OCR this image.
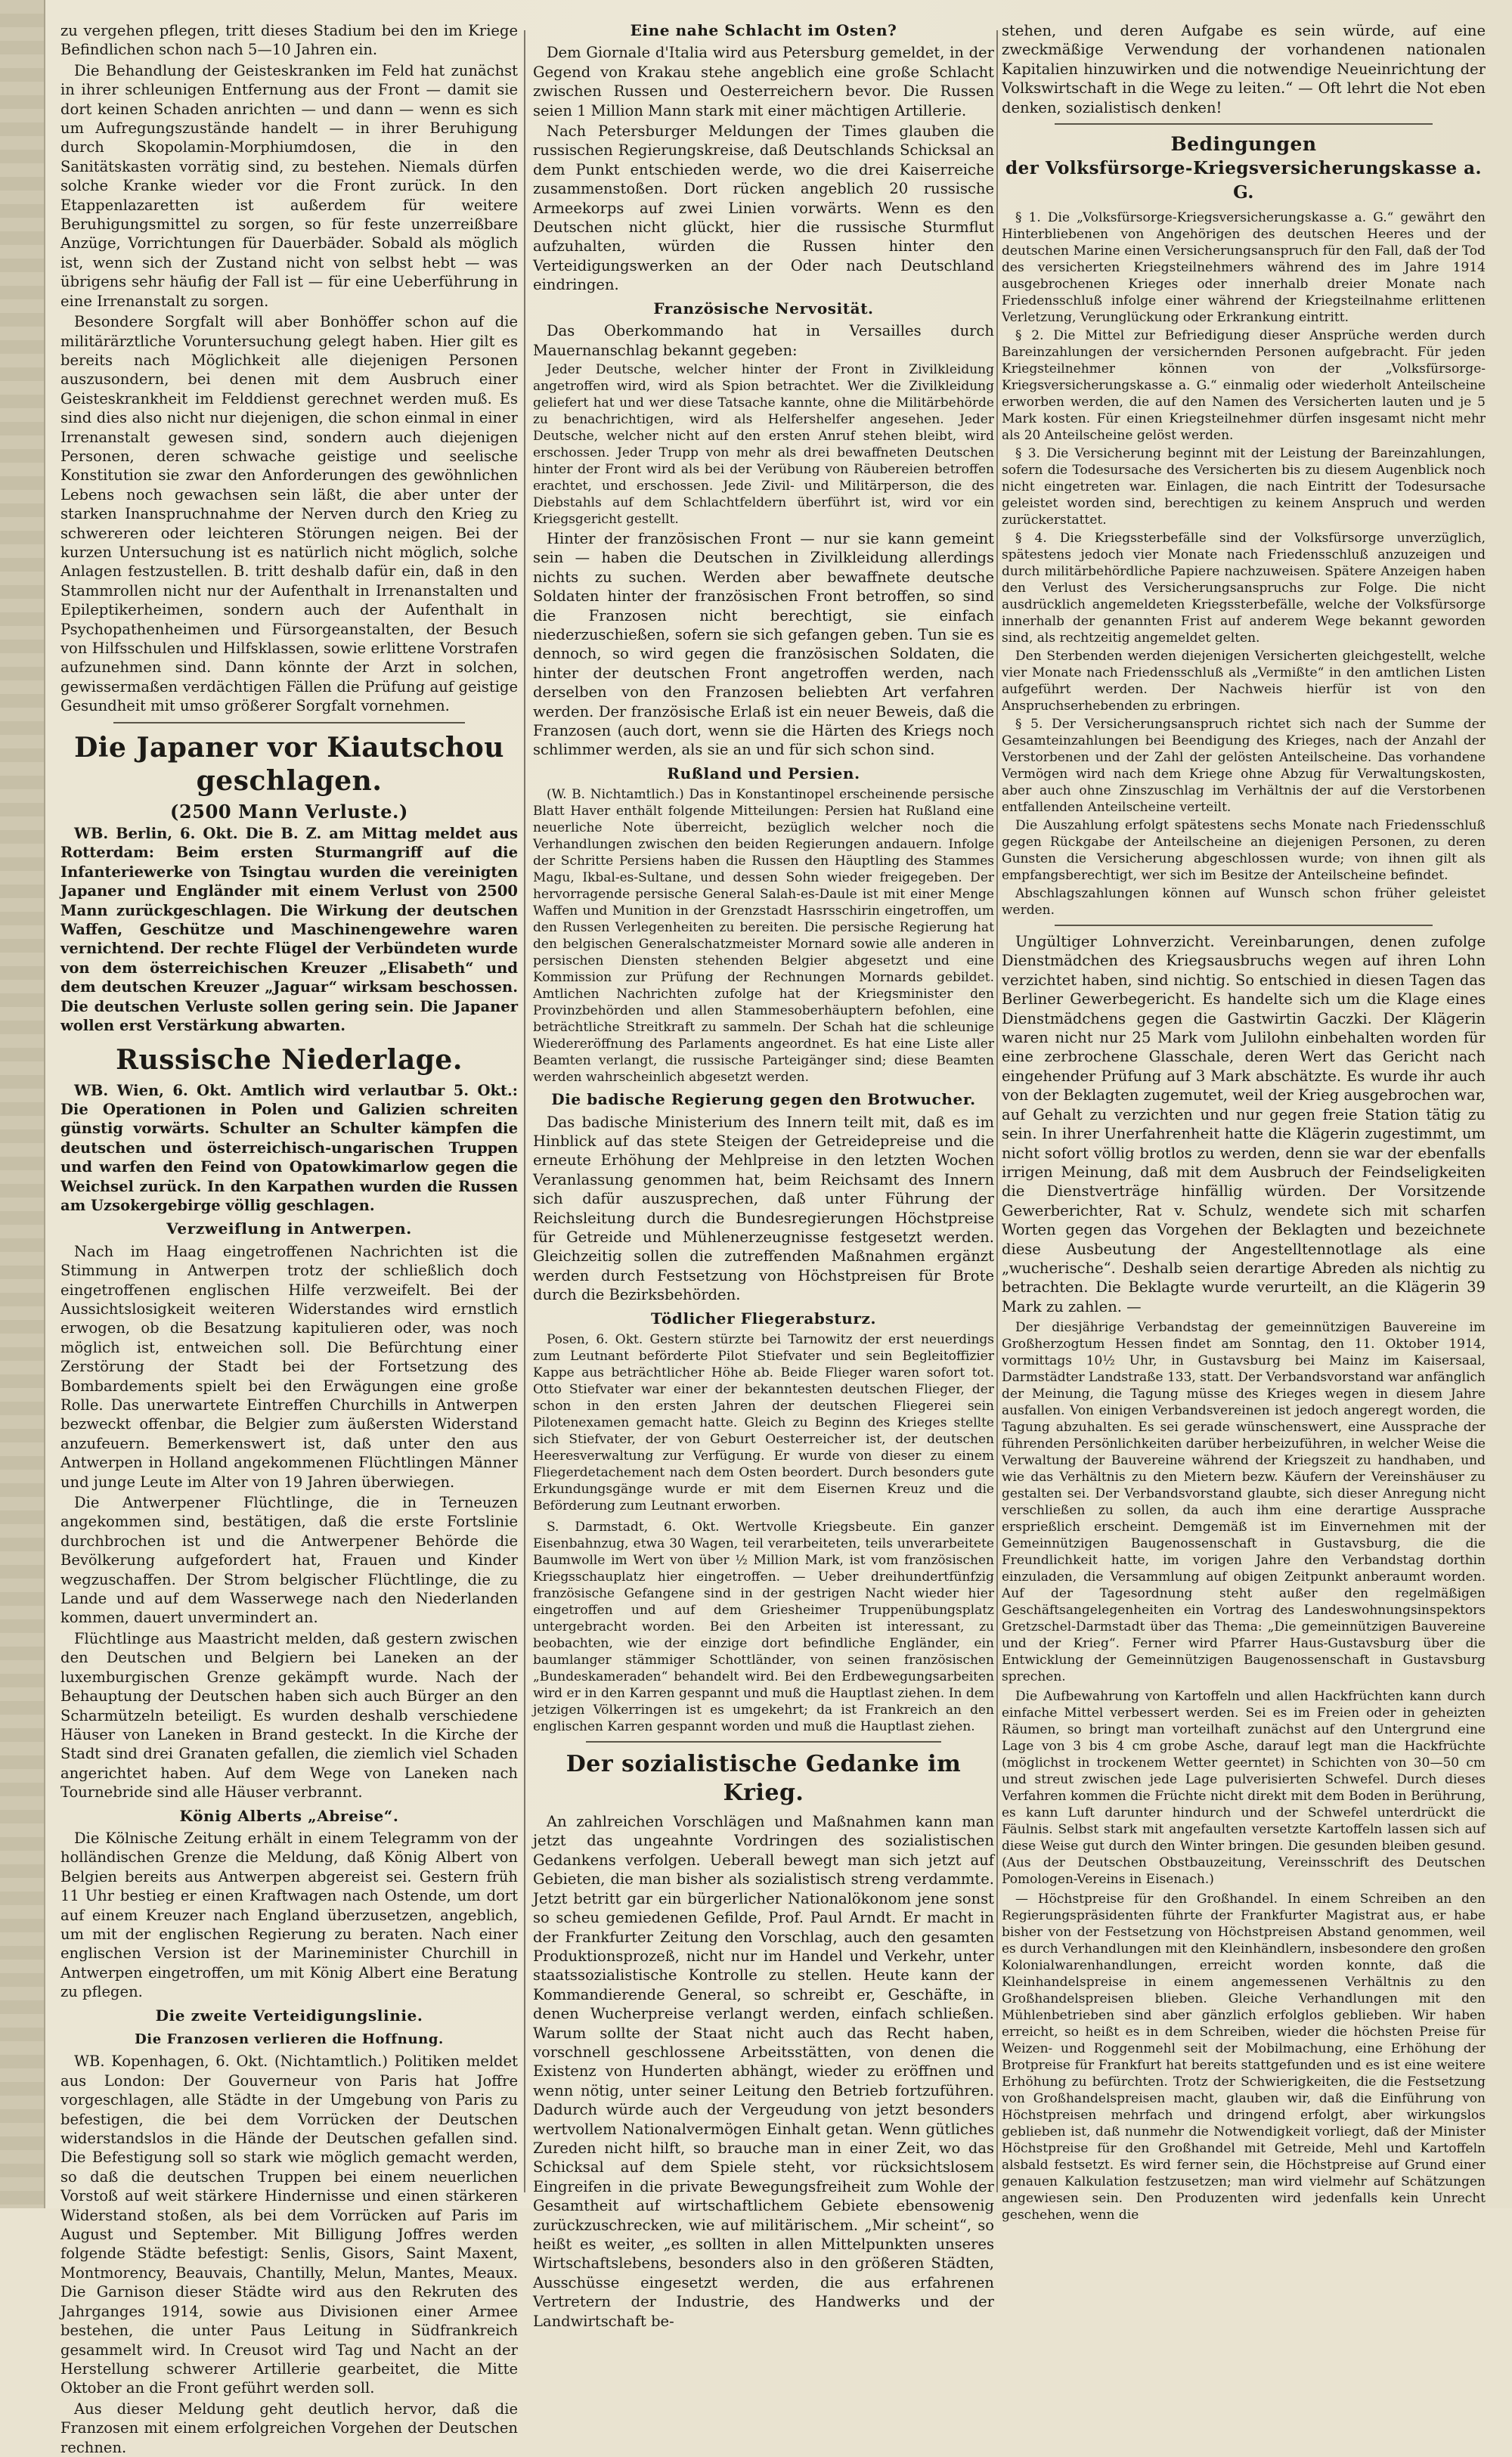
zu vergehen pflegen, tritt dieses Stadium bei den im Kriege Befindlichen schon nach 5—10 Jahren ein.

Die Behandlung der Geisteskranken im Feld hat zunächst in ihrer schleunigen Entfernung aus der Front — damit sie dort keinen Schaden anrichten — und dann — wenn es sich um Aufregungszustände handelt — in ihrer Beruhigung durch Skopolamin-Morphiumdosen, die in den Sanitätskasten vorrätig sind, zu bestehen. Niemals dürfen solche Kranke wieder vor die Front zurück. In den Etappenlazaretten ist außerdem für weitere Beruhigungsmittel zu sorgen, so für feste unzerreißbare Anzüge, Vorrichtungen für Dauerbäder. Sobald als möglich ist, wenn sich der Zustand nicht von selbst hebt — was übrigens sehr häufig der Fall ist — für eine Ueberführung in eine Irrenanstalt zu sorgen.

Besondere Sorgfalt will aber Bonhöffer schon auf die militärärztliche Voruntersuchung gelegt haben. Hier gilt es bereits nach Möglichkeit alle diejenigen Personen auszusondern, bei denen mit dem Ausbruch einer Geisteskrankheit im Felddienst gerechnet werden muß. Es sind dies also nicht nur diejenigen, die schon einmal in einer Irrenanstalt gewesen sind, sondern auch diejenigen Personen, deren schwache geistige und seelische Konstitution sie zwar den Anforderungen des gewöhnlichen Lebens noch gewachsen sein läßt, die aber unter der starken Inanspruchnahme der Nerven durch den Krieg zu schwereren oder leichteren Störungen neigen. Bei der kurzen Untersuchung ist es natürlich nicht möglich, solche Anlagen festzustellen. B. tritt deshalb dafür ein, daß in den Stammrollen nicht nur der Aufenthalt in Irrenanstalten und Epileptikerheimen, sondern auch der Aufenthalt in Psychopathenheimen und Fürsorgeanstalten, der Besuch von Hilfsschulen und Hilfsklassen, sowie erlittene Vorstrafen aufzunehmen sind. Dann könnte der Arzt in solchen, gewissermaßen verdächtigen Fällen die Prüfung auf geistige Gesundheit mit umso größerer Sorgfalt vornehmen.

Die Japaner vor Kiautschou geschlagen.
(2500 Mann Verluste.)

WB. Berlin, 6. Okt. Die B. Z. am Mittag meldet aus Rotterdam: Beim ersten Sturmangriff auf die Infanteriewerke von Tsingtau wurden die vereinigten Japaner und Engländer mit einem Verlust von 2500 Mann zurückgeschlagen. Die Wirkung der deutschen Waffen, Geschütze und Maschinengewehre waren vernichtend. Der rechte Flügel der Verbündeten wurde von dem österreichischen Kreuzer „Elisabeth“ und dem deutschen Kreuzer „Jaguar“ wirksam beschossen. Die deutschen Verluste sollen gering sein. Die Japaner wollen erst Verstärkung abwarten.

Russische Niederlage.

WB. Wien, 6. Okt. Amtlich wird verlautbar 5. Okt.: Die Operationen in Polen und Galizien schreiten günstig vorwärts. Schulter an Schulter kämpfen die deutschen und österreichisch-ungarischen Truppen und warfen den Feind von Opatowkimarlow gegen die Weichsel zurück. In den Karpathen wurden die Russen am Uzsokergebirge völlig geschlagen.

Verzweiflung in Antwerpen.

Nach im Haag eingetroffenen Nachrichten ist die Stimmung in Antwerpen trotz der schließlich doch eingetroffenen englischen Hilfe verzweifelt. Bei der Aussichtslosigkeit weiteren Widerstandes wird ernstlich erwogen, ob die Besatzung kapitulieren oder, was noch möglich ist, entweichen soll. Die Befürchtung einer Zerstörung der Stadt bei der Fortsetzung des Bombardements spielt bei den Erwägungen eine große Rolle. Das unerwartete Eintreffen Churchills in Antwerpen bezweckt offenbar, die Belgier zum äußersten Widerstand anzufeuern. Bemerkenswert ist, daß unter den aus Antwerpen in Holland angekommenen Flüchtlingen Männer und junge Leute im Alter von 19 Jahren überwiegen.

Die Antwerpener Flüchtlinge, die in Terneuzen angekommen sind, bestätigen, daß die erste Fortslinie durchbrochen ist und die Antwerpener Behörde die Bevölkerung aufgefordert hat, Frauen und Kinder wegzuschaffen. Der Strom belgischer Flüchtlinge, die zu Lande und auf dem Wasserwege nach den Niederlanden kommen, dauert unvermindert an.

Flüchtlinge aus Maastricht melden, daß gestern zwischen den Deutschen und Belgiern bei Laneken an der luxemburgischen Grenze gekämpft wurde. Nach der Behauptung der Deutschen haben sich auch Bürger an den Scharmützeln beteiligt. Es wurden deshalb verschiedene Häuser von Laneken in Brand gesteckt. In die Kirche der Stadt sind drei Granaten gefallen, die ziemlich viel Schaden angerichtet haben. Auf dem Wege von Laneken nach Tournebride sind alle Häuser verbrannt.

König Alberts „Abreise“.

Die Kölnische Zeitung erhält in einem Telegramm von der holländischen Grenze die Meldung, daß König Albert von Belgien bereits aus Antwerpen abgereist sei. Gestern früh 11 Uhr bestieg er einen Kraftwagen nach Ostende, um dort auf einem Kreuzer nach England überzusetzen, angeblich, um mit der englischen Regierung zu beraten. Nach einer englischen Version ist der Marineminister Churchill in Antwerpen eingetroffen, um mit König Albert eine Beratung zu pflegen.

Die zweite Verteidigungslinie.
Die Franzosen verlieren die Hoffnung.

WB. Kopenhagen, 6. Okt. (Nichtamtlich.) Politiken meldet aus London: Der Gouverneur von Paris hat Joffre vorgeschlagen, alle Städte in der Umgebung von Paris zu befestigen, die bei dem Vorrücken der Deutschen widerstandslos in die Hände der Deutschen gefallen sind. Die Befestigung soll so stark wie möglich gemacht werden, so daß die deutschen Truppen bei einem neuerlichen Vorstoß auf weit stärkere Hindernisse und einen stärkeren Widerstand stoßen, als bei dem Vorrücken auf Paris im August und September. Mit Billigung Joffres werden folgende Städte befestigt: Senlis, Gisors, Saint Maxent, Montmorency, Beauvais, Chantilly, Melun, Mantes, Meaux. Die Garnison dieser Städte wird aus den Rekruten des Jahrganges 1914, sowie aus Divisionen einer Armee bestehen, die unter Paus Leitung in Südfrankreich gesammelt wird. In Creusot wird Tag und Nacht an der Herstellung schwerer Artillerie gearbeitet, die Mitte Oktober an die Front geführt werden soll.

Aus dieser Meldung geht deutlich hervor, daß die Franzosen mit einem erfolgreichen Vorgehen der Deutschen rechnen.

Eine nahe Schlacht im Osten?

Dem Giornale d'Italia wird aus Petersburg gemeldet, in der Gegend von Krakau stehe angeblich eine große Schlacht zwischen Russen und Oesterreichern bevor. Die Russen seien 1 Million Mann stark mit einer mächtigen Artillerie.

Nach Petersburger Meldungen der Times glauben die russischen Regierungskreise, daß Deutschlands Schicksal an dem Punkt entschieden werde, wo die drei Kaiserreiche zusammenstoßen. Dort rücken angeblich 20 russische Armeekorps auf zwei Linien vorwärts. Wenn es den Deutschen nicht glückt, hier die russische Sturmflut aufzuhalten, würden die Russen hinter den Verteidigungswerken an der Oder nach Deutschland eindringen.

Französische Nervosität.

Das Oberkommando hat in Versailles durch Mauernanschlag bekannt gegeben:

Jeder Deutsche, welcher hinter der Front in Zivilkleidung angetroffen wird, wird als Spion betrachtet. Wer die Zivilkleidung geliefert hat und wer diese Tatsache kannte, ohne die Militärbehörde zu benachrichtigen, wird als Helfershelfer angesehen. Jeder Deutsche, welcher nicht auf den ersten Anruf stehen bleibt, wird erschossen. Jeder Trupp von mehr als drei bewaffneten Deutschen hinter der Front wird als bei der Verübung von Räubereien betroffen erachtet, und erschossen. Jede Zivil- und Militärperson, die des Diebstahls auf dem Schlachtfeldern überführt ist, wird vor ein Kriegsgericht gestellt.

Hinter der französischen Front — nur sie kann gemeint sein — haben die Deutschen in Zivilkleidung allerdings nichts zu suchen. Werden aber bewaffnete deutsche Soldaten hinter der französischen Front betroffen, so sind die Franzosen nicht berechtigt, sie einfach niederzuschießen, sofern sie sich gefangen geben. Tun sie es dennoch, so wird gegen die französischen Soldaten, die hinter der deutschen Front angetroffen werden, nach derselben von den Franzosen beliebten Art verfahren werden. Der französische Erlaß ist ein neuer Beweis, daß die Franzosen (auch dort, wenn sie die Härten des Kriegs noch schlimmer werden, als sie an und für sich schon sind.

Rußland und Persien.

(W. B. Nichtamtlich.) Das in Konstantinopel erscheinende persische Blatt Haver enthält folgende Mitteilungen: Persien hat Rußland eine neuerliche Note überreicht, bezüglich welcher noch die Verhandlungen zwischen den beiden Regierungen andauern. Infolge der Schritte Persiens haben die Russen den Häuptling des Stammes Magu, Ikbal-es-Sultane, und dessen Sohn wieder freigegeben. Der hervorragende persische General Salah-es-Daule ist mit einer Menge Waffen und Munition in der Grenzstadt Hasrsschirin eingetroffen, um den Russen Verlegenheiten zu bereiten. Die persische Regierung hat den belgischen Generalschatzmeister Mornard sowie alle anderen in persischen Diensten stehenden Belgier abgesetzt und eine Kommission zur Prüfung der Rechnungen Mornards gebildet. Amtlichen Nachrichten zufolge hat der Kriegsminister den Provinzbehörden und allen Stammesoberhäuptern befohlen, eine beträchtliche Streitkraft zu sammeln. Der Schah hat die schleunige Wiedereröffnung des Parlaments angeordnet. Es hat eine Liste aller Beamten verlangt, die russische Parteigänger sind; diese Beamten werden wahrscheinlich abgesetzt werden.

Die badische Regierung gegen den Brotwucher.

Das badische Ministerium des Innern teilt mit, daß es im Hinblick auf das stete Steigen der Getreidepreise und die erneute Erhöhung der Mehlpreise in den letzten Wochen Veranlassung genommen hat, beim Reichsamt des Innern sich dafür auszusprechen, daß unter Führung der Reichsleitung durch die Bundesregierungen Höchstpreise für Getreide und Mühlenerzeugnisse festgesetzt werden. Gleichzeitig sollen die zutreffenden Maßnahmen ergänzt werden durch Festsetzung von Höchstpreisen für Brote durch die Bezirksbehörden.

Tödlicher Fliegerabsturz.

Posen, 6. Okt. Gestern stürzte bei Tarnowitz der erst neuerdings zum Leutnant beförderte Pilot Stiefvater und sein Begleitoffizier Kappe aus beträchtlicher Höhe ab. Beide Flieger waren sofort tot. Otto Stiefvater war einer der bekanntesten deutschen Flieger, der schon in den ersten Jahren der deutschen Fliegerei sein Pilotenexamen gemacht hatte. Gleich zu Beginn des Krieges stellte sich Stiefvater, der von Geburt Oesterreicher ist, der deutschen Heeresverwaltung zur Verfügung. Er wurde von dieser zu einem Fliegerdetachement nach dem Osten beordert. Durch besonders gute Erkundungsgänge wurde er mit dem Eisernen Kreuz und die Beförderung zum Leutnant erworben.

S. Darmstadt, 6. Okt. Wertvolle Kriegsbeute. Ein ganzer Eisenbahnzug, etwa 30 Wagen, teil verarbeiteten, teils unverarbeitete Baumwolle im Wert von über ½ Million Mark, ist vom französischen Kriegsschauplatz hier eingetroffen. — Ueber dreihundertfünfzig französische Gefangene sind in der gestrigen Nacht wieder hier eingetroffen und auf dem Griesheimer Truppenübungsplatz untergebracht worden. Bei den Arbeiten ist interessant, zu beobachten, wie der einzige dort befindliche Engländer, ein baumlanger stämmiger Schottländer, von seinen französischen „Bundeskameraden“ behandelt wird. Bei den Erdbewegungsarbeiten wird er in den Karren gespannt und muß die Hauptlast ziehen. In dem jetzigen Völkerringen ist es umgekehrt; da ist Frankreich an den englischen Karren gespannt worden und muß die Hauptlast ziehen.

Der sozialistische Gedanke im Krieg.

An zahlreichen Vorschlägen und Maßnahmen kann man jetzt das ungeahnte Vordringen des sozialistischen Gedankens verfolgen. Ueberall bewegt man sich jetzt auf Gebieten, die man bisher als sozialistisch streng verdammte. Jetzt betritt gar ein bürgerlicher Nationalökonom jene sonst so scheu gemiedenen Gefilde, Prof. Paul Arndt. Er macht in der Frankfurter Zeitung den Vorschlag, auch den gesamten Produktionsprozeß, nicht nur im Handel und Verkehr, unter staatssozialistische Kontrolle zu stellen. Heute kann der Kommandierende General, so schreibt er, Geschäfte, in denen Wucherpreise verlangt werden, einfach schließen. Warum sollte der Staat nicht auch das Recht haben, vorschnell geschlossene Arbeitsstätten, von denen die Existenz von Hunderten abhängt, wieder zu eröffnen und wenn nötig, unter seiner Leitung den Betrieb fortzuführen. Dadurch würde auch der Vergeudung von jetzt besonders wertvollem Nationalvermögen Einhalt getan. Wenn gütliches Zureden nicht hilft, so brauche man in einer Zeit, wo das Schicksal auf dem Spiele steht, vor rücksichtslosem Eingreifen in die private Bewegungsfreiheit zum Wohle der Gesamtheit auf wirtschaftlichem Gebiete ebensowenig zurückzuschrecken, wie auf militärischem. „Mir scheint“, so heißt es weiter, „es sollten in allen Mittelpunkten unseres Wirtschaftslebens, besonders also in den größeren Städten, Ausschüsse eingesetzt werden, die aus erfahrenen Vertretern der Industrie, des Handwerks und der Landwirtschaft be-

stehen, und deren Aufgabe es sein würde, auf eine zweckmäßige Verwendung der vorhandenen nationalen Kapitalien hinzuwirken und die notwendige Neueinrichtung der Volkswirtschaft in die Wege zu leiten.“ — Oft lehrt die Not eben denken, sozialistisch denken!

Bedingungen
der Volksfürsorge-Kriegsversicherungskasse a. G.

§ 1. Die „Volksfürsorge-Kriegsversicherungskasse a. G.“ gewährt den Hinterbliebenen von Angehörigen des deutschen Heeres und der deutschen Marine einen Versicherungsanspruch für den Fall, daß der Tod des versicherten Kriegsteilnehmers während des im Jahre 1914 ausgebrochenen Krieges oder innerhalb dreier Monate nach Friedensschluß infolge einer während der Kriegsteilnahme erlittenen Verletzung, Verunglückung oder Erkrankung eintritt.

§ 2. Die Mittel zur Befriedigung dieser Ansprüche werden durch Bareinzahlungen der versichernden Personen aufgebracht. Für jeden Kriegsteilnehmer können von der „Volksfürsorge-Kriegsversicherungskasse a. G.“ einmalig oder wiederholt Anteilscheine erworben werden, die auf den Namen des Versicherten lauten und je 5 Mark kosten. Für einen Kriegsteilnehmer dürfen insgesamt nicht mehr als 20 Anteilscheine gelöst werden.

§ 3. Die Versicherung beginnt mit der Leistung der Bareinzahlungen, sofern die Todesursache des Versicherten bis zu diesem Augenblick noch nicht eingetreten war. Einlagen, die nach Eintritt der Todesursache geleistet worden sind, berechtigen zu keinem Anspruch und werden zurückerstattet.

§ 4. Die Kriegssterbefälle sind der Volksfürsorge unverzüglich, spätestens jedoch vier Monate nach Friedensschluß anzuzeigen und durch militärbehördliche Papiere nachzuweisen. Spätere Anzeigen haben den Verlust des Versicherungsanspruchs zur Folge. Die nicht ausdrücklich angemeldeten Kriegssterbefälle, welche der Volksfürsorge innerhalb der genannten Frist auf anderem Wege bekannt geworden sind, als rechtzeitig angemeldet gelten.

Den Sterbenden werden diejenigen Versicherten gleichgestellt, welche vier Monate nach Friedensschluß als „Vermißte“ in den amtlichen Listen aufgeführt werden. Der Nachweis hierfür ist von den Anspruchserhebenden zu erbringen.

§ 5. Der Versicherungsanspruch richtet sich nach der Summe der Gesamteinzahlungen bei Beendigung des Krieges, nach der Anzahl der Verstorbenen und der Zahl der gelösten Anteilscheine. Das vorhandene Vermögen wird nach dem Kriege ohne Abzug für Verwaltungskosten, aber auch ohne Zinszuschlag im Verhältnis der auf die Verstorbenen entfallenden Anteilscheine verteilt.

Die Auszahlung erfolgt spätestens sechs Monate nach Friedensschluß gegen Rückgabe der Anteilscheine an diejenigen Personen, zu deren Gunsten die Versicherung abgeschlossen wurde; von ihnen gilt als empfangsberechtigt, wer sich im Besitze der Anteilscheine befindet.

Abschlagszahlungen können auf Wunsch schon früher geleistet werden.

Ungültiger Lohnverzicht. Vereinbarungen, denen zufolge Dienstmädchen des Kriegsausbruchs wegen auf ihren Lohn verzichtet haben, sind nichtig. So entschied in diesen Tagen das Berliner Gewerbegericht. Es handelte sich um die Klage eines Dienstmädchens gegen die Gastwirtin Gaczki. Der Klägerin waren nicht nur 25 Mark vom Julilohn einbehalten worden für eine zerbrochene Glasschale, deren Wert das Gericht nach eingehender Prüfung auf 3 Mark abschätzte. Es wurde ihr auch von der Beklagten zugemutet, weil der Krieg ausgebrochen war, auf Gehalt zu verzichten und nur gegen freie Station tätig zu sein. In ihrer Unerfahrenheit hatte die Klägerin zugestimmt, um nicht sofort völlig brotlos zu werden, denn sie war der ebenfalls irrigen Meinung, daß mit dem Ausbruch der Feindseligkeiten die Dienstverträge hinfällig würden. Der Vorsitzende Gewerberichter, Rat v. Schulz, wendete sich mit scharfen Worten gegen das Vorgehen der Beklagten und bezeichnete diese Ausbeutung der Angestelltennotlage als eine „wucherische“. Deshalb seien derartige Abreden als nichtig zu betrachten. Die Beklagte wurde verurteilt, an die Klägerin 39 Mark zu zahlen. —

Der diesjährige Verbandstag der gemeinnützigen Bauvereine im Großherzogtum Hessen findet am Sonntag, den 11. Oktober 1914, vormittags 10½ Uhr, in Gustavsburg bei Mainz im Kaisersaal, Darmstädter Landstraße 133, statt. Der Verbandsvorstand war anfänglich der Meinung, die Tagung müsse des Krieges wegen in diesem Jahre ausfallen. Von einigen Verbandsvereinen ist jedoch angeregt worden, die Tagung abzuhalten. Es sei gerade wünschenswert, eine Aussprache der führenden Persönlichkeiten darüber herbeizuführen, in welcher Weise die Verwaltung der Bauvereine während der Kriegszeit zu handhaben, und wie das Verhältnis zu den Mietern bezw. Käufern der Vereinshäuser zu gestalten sei. Der Verbandsvorstand glaubte, sich dieser Anregung nicht verschließen zu sollen, da auch ihm eine derartige Aussprache ersprießlich erscheint. Demgemäß ist im Einvernehmen mit der Gemeinnützigen Baugenossenschaft in Gustavsburg, die die Freundlichkeit hatte, im vorigen Jahre den Verbandstag dorthin einzuladen, die Versammlung auf obigen Zeitpunkt anberaumt worden. Auf der Tagesordnung steht außer den regelmäßigen Geschäftsangelegenheiten ein Vortrag des Landeswohnungsinspektors Gretzschel-Darmstadt über das Thema: „Die gemeinnützigen Bauvereine und der Krieg“. Ferner wird Pfarrer Haus-Gustavsburg über die Entwicklung der Gemeinnützigen Baugenossenschaft in Gustavsburg sprechen.

Die Aufbewahrung von Kartoffeln und allen Hackfrüchten kann durch einfache Mittel verbessert werden. Sei es im Freien oder in geheizten Räumen, so bringt man vorteilhaft zunächst auf den Untergrund eine Lage von 3 bis 4 cm grobe Asche, darauf legt man die Hackfrüchte (möglichst in trockenem Wetter geerntet) in Schichten von 30—50 cm und streut zwischen jede Lage pulverisierten Schwefel. Durch dieses Verfahren kommen die Früchte nicht direkt mit dem Boden in Berührung, es kann Luft darunter hindurch und der Schwefel unterdrückt die Fäulnis. Selbst stark mit angefaulten versetzte Kartoffeln lassen sich auf diese Weise gut durch den Winter bringen. Die gesunden bleiben gesund. (Aus der Deutschen Obstbauzeitung, Vereinsschrift des Deutschen Pomologen-Vereins in Eisenach.)

— Höchstpreise für den Großhandel. In einem Schreiben an den Regierungspräsidenten führte der Frankfurter Magistrat aus, er habe bisher von der Festsetzung von Höchstpreisen Abstand genommen, weil es durch Verhandlungen mit den Kleinhändlern, insbesondere den großen Kolonialwarenhandlungen, erreicht worden konnte, daß die Kleinhandelspreise in einem angemessenen Verhältnis zu den Großhandelspreisen blieben. Gleiche Verhandlungen mit den Mühlenbetrieben sind aber gänzlich erfolglos geblieben. Wir haben erreicht, so heißt es in dem Schreiben, wieder die höchsten Preise für Weizen- und Roggenmehl seit der Mobilmachung, eine Erhöhung der Brotpreise für Frankfurt hat bereits stattgefunden und es ist eine weitere Erhöhung zu befürchten. Trotz der Schwierigkeiten, die die Festsetzung von Großhandelspreisen macht, glauben wir, daß die Einführung von Höchstpreisen mehrfach und dringend erfolgt, aber wirkungslos geblieben ist, daß nunmehr die Notwendigkeit vorliegt, daß der Minister Höchstpreise für den Großhandel mit Getreide, Mehl und Kartoffeln alsbald festsetzt. Es wird ferner sein, die Höchstpreise auf Grund einer genauen Kalkulation festzusetzen; man wird vielmehr auf Schätzungen angewiesen sein. Den Produzenten wird jedenfalls kein Unrecht geschehen, wenn die
